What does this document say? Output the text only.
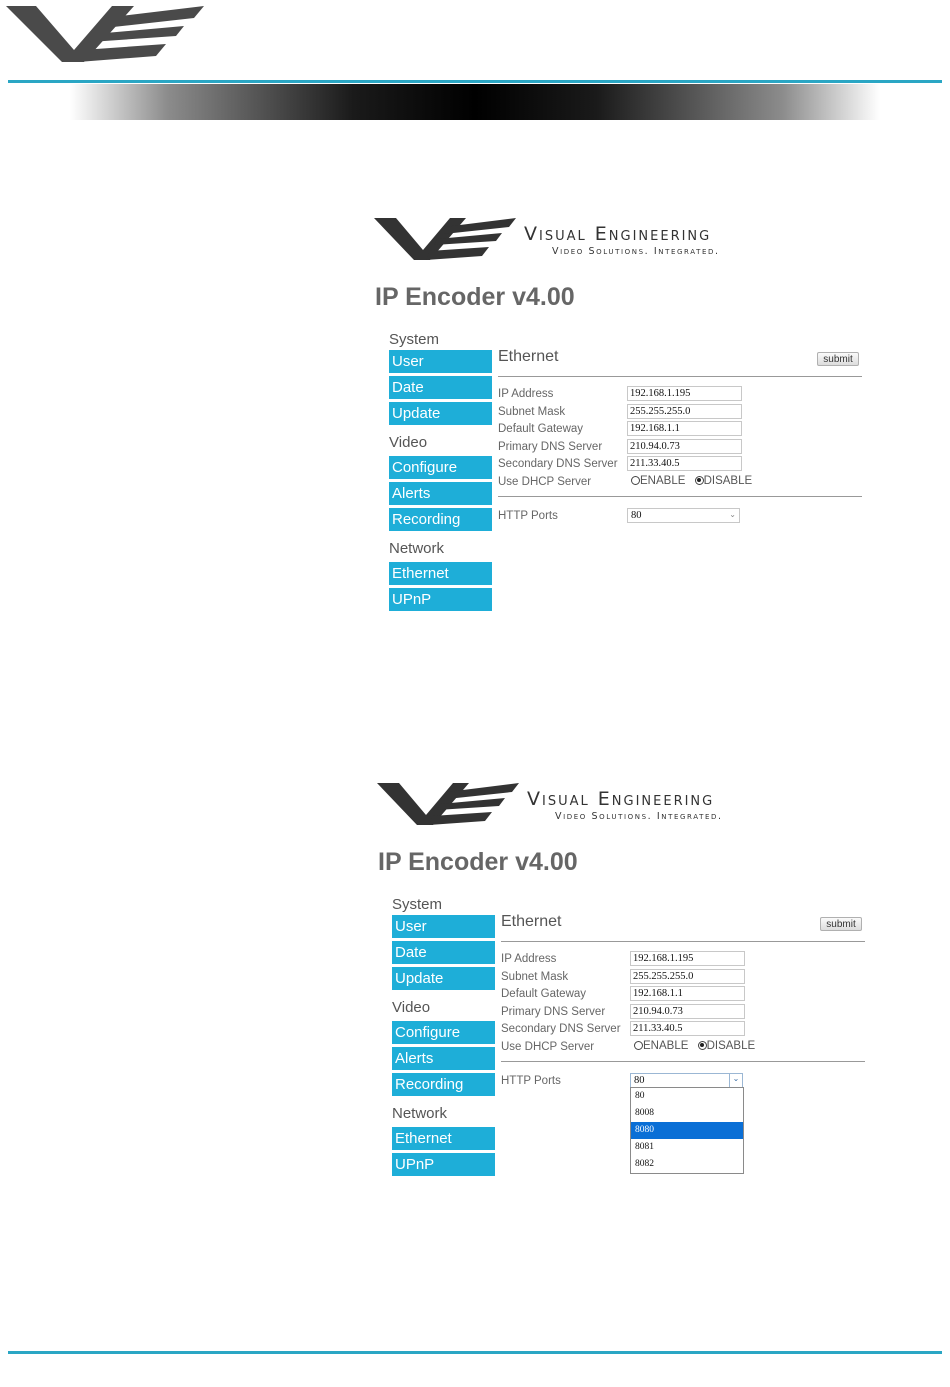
Visual Engineering
Video Solutions. Integrated.
IP Encoder v4.00
System
User
Date
Update
Video
Configure
Alerts
Recording
Network
Ethernet
UPnP
Ethernet	submit
IP Address	192.168.1.195
Subnet Mask	255.255.255.0
Default Gateway	192.168.1.1
Primary DNS Server	210.94.0.73
Secondary DNS Server 211.33.40.5
Use DHCP Server	ENABLE DISABLE
HTTP Ports	80	⌄
Visual Engineering
Video Solutions. Integrated.
IP Encoder v4.00
System
User
Date
Update
Video
Configure
Alerts
Recording
Network
Ethernet
UPnP
Ethernet	submit
IP Address	192.168.1.195
Subnet Mask	255.255.255.0
Default Gateway	192.168.1.1
Primary DNS Server	210.94.0.73
Secondary DNS Server 211.33.40.5
Use DHCP Server	ENABLE DISABLE
HTTP Ports	80	⌄
80
8008
8080
8081
8082
